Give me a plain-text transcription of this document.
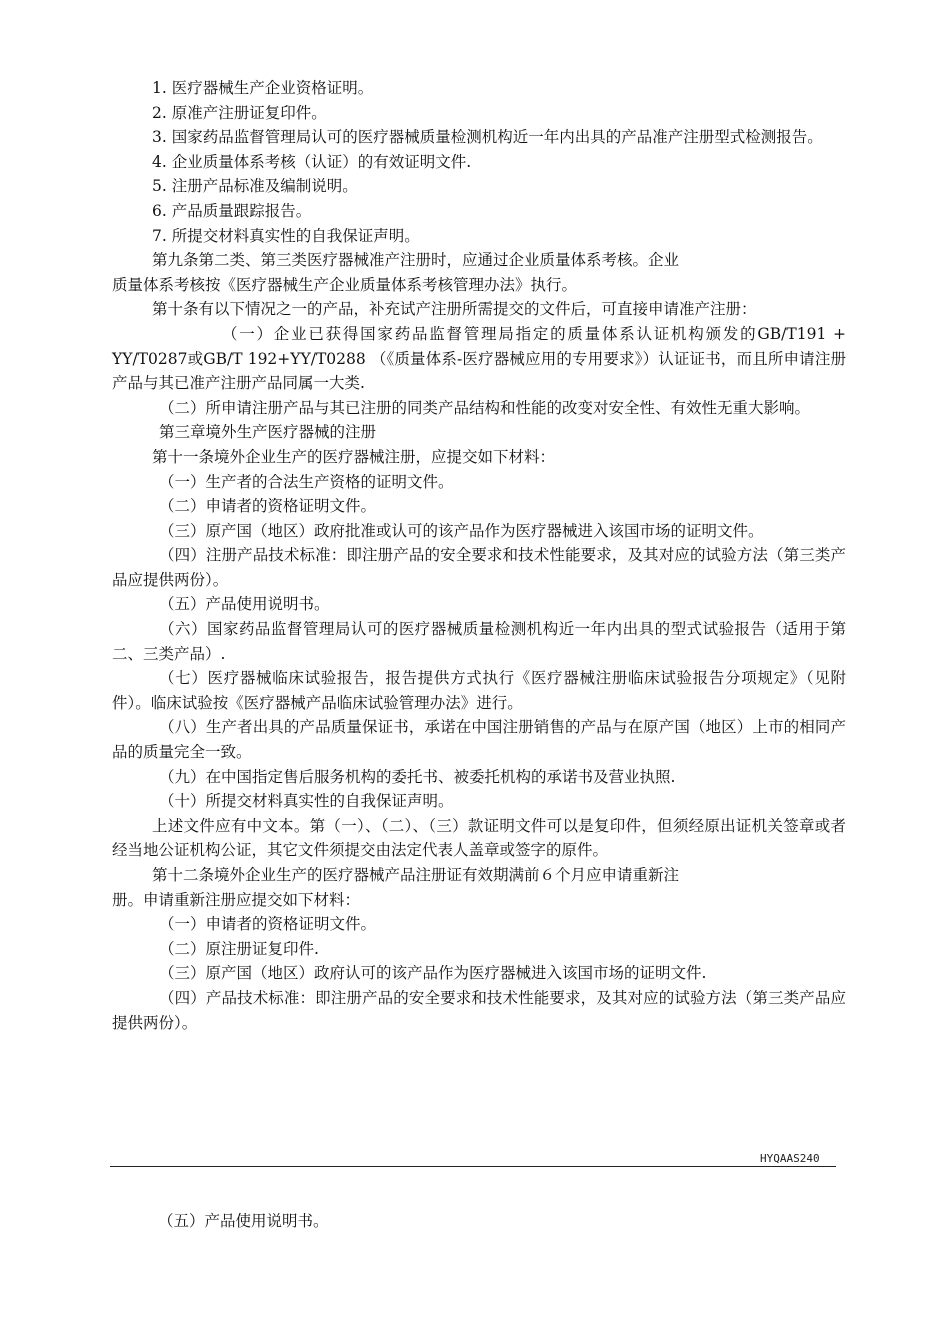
1. 医疗器械生产企业资格证明。

2. 原准产注册证复印件。

3. 国家药品监督管理局认可的医疗器械质量检测机构近一年内出具的产品准产注册型式检测报告。

4. 企业质量体系考核（认证）的有效证明文件.

5. 注册产品标准及编制说明。

6. 产品质量跟踪报告。

7. 所提交材料真实性的自我保证声明。

第九条第二类、第三类医疗器械准产注册时，应通过企业质量体系考核。企业

质量体系考核按《医疗器械生产企业质量体系考核管理办法》执行。

第十条有以下情况之一的产品，补充试产注册所需提交的文件后，可直接申请准产注册：

（一）企业已获得国家药品监督管理局指定的质量体系认证机构颁发的GB/T191 + YY/T0287或GB/T 192+YY/T0288 （《质量体系-医疗器械应用的专用要求》）认证证书，而且所申请注册产品与其已准产注册产品同属一大类.

（二）所申请注册产品与其已注册的同类产品结构和性能的改变对安全性、有效性无重大影响。

第三章境外生产医疗器械的注册

第十一条境外企业生产的医疗器械注册，应提交如下材料：

（一）生产者的合法生产资格的证明文件。

（二）申请者的资格证明文件。

（三）原产国（地区）政府批准或认可的该产品作为医疗器械进入该国市场的证明文件。

（四）注册产品技术标准：即注册产品的安全要求和技术性能要求，及其对应的试验方法（第三类产品应提供两份）。

（五）产品使用说明书。

（六）国家药品监督管理局认可的医疗器械质量检测机构近一年内出具的型式试验报告（适用于第二、三类产品）.

（七）医疗器械临床试验报告，报告提供方式执行《医疗器械注册临床试验报告分项规定》（见附件）。临床试验按《医疗器械产品临床试验管理办法》进行。

（八）生产者出具的产品质量保证书，承诺在中国注册销售的产品与在原产国（地区）上市的相同产品的质量完全一致。

（九）在中国指定售后服务机构的委托书、被委托机构的承诺书及营业执照.

（十）所提交材料真实性的自我保证声明。

上述文件应有中文本。第（一）、（二）、（三）款证明文件可以是复印件，但须经原出证机关签章或者经当地公证机构公证，其它文件须提交由法定代表人盖章或签字的原件。

第十二条境外企业生产的医疗器械产品注册证有效期满前６个月应申请重新注

册。申请重新注册应提交如下材料：

（一）申请者的资格证明文件。

（二）原注册证复印件.

（三）原产国（地区）政府认可的该产品作为医疗器械进入该国市场的证明文件.

（四）产品技术标准：即注册产品的安全要求和技术性能要求，及其对应的试验方法（第三类产品应提供两份）。

HYQAAS240
（五）产品使用说明书。
